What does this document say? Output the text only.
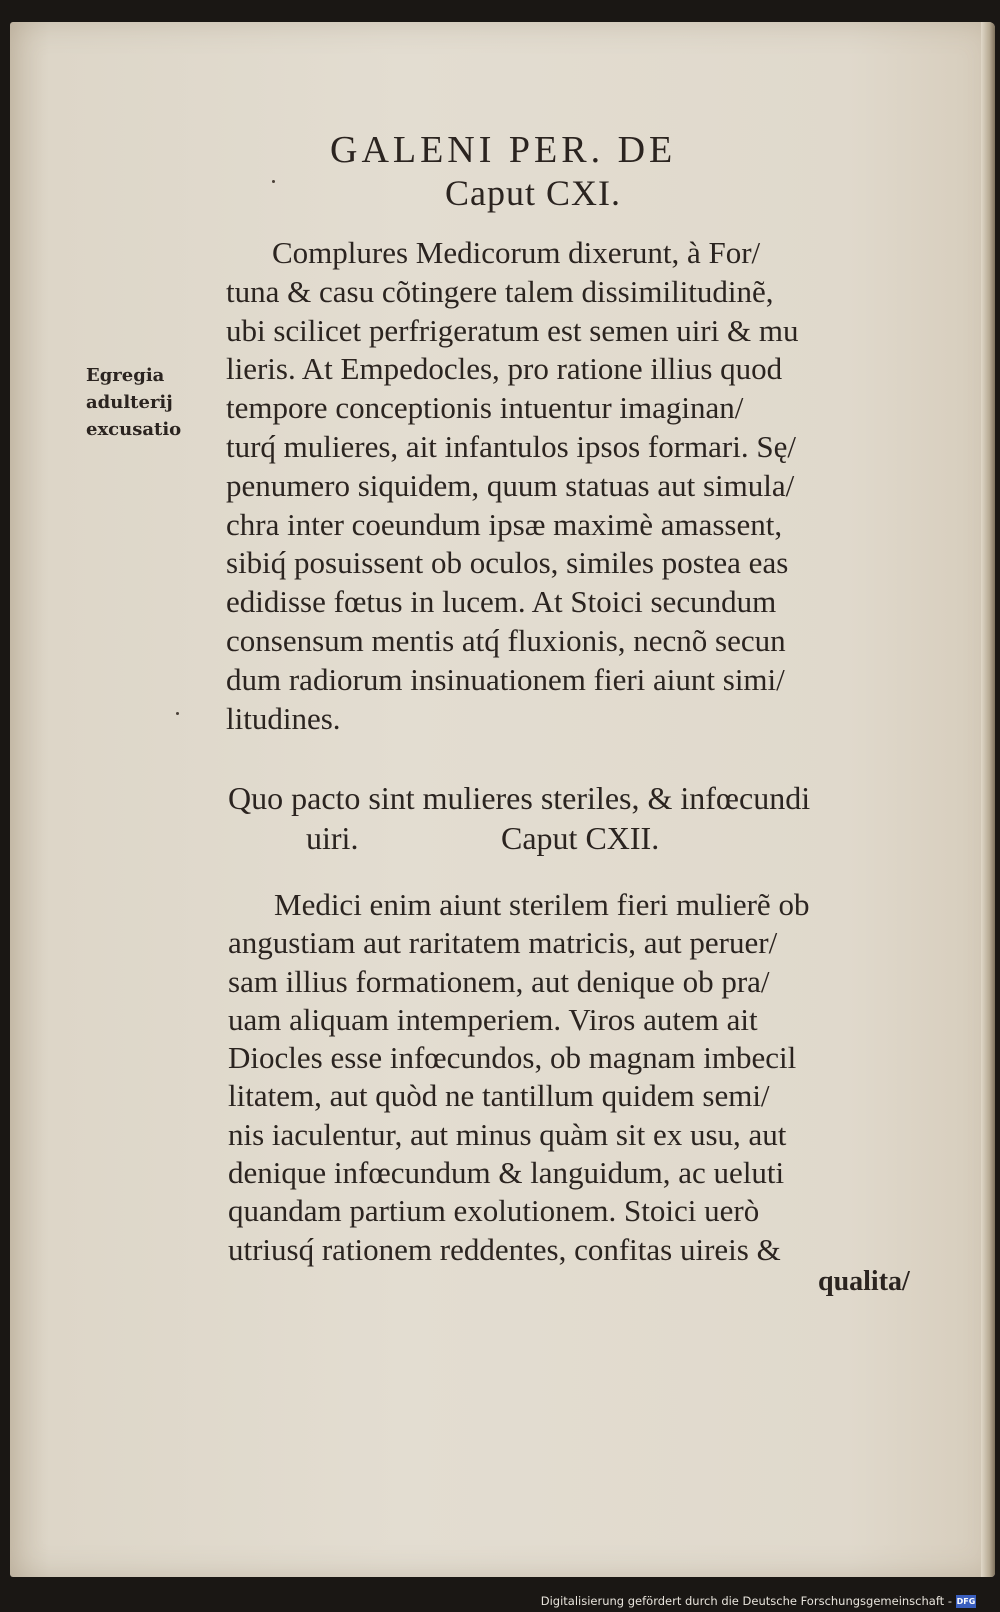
GALENI PER. DE
Caput CXI.
Complures Medicorum dixerunt, à For/
tuna & casu cõtingere talem dissimilitudinẽ,
ubi scilicet perfrigeratum est semen uiri & mu
lieris. At Empedocles, pro ratione illius quod
tempore conceptionis intuentur imaginan/
turq́ mulieres, ait infantulos ipsos formari. Sę/
penumero siquidem, quum statuas aut simula/
chra inter coeundum ipsæ maximè amassent,
sibiq́ posuissent ob oculos, similes postea eas
edidisse fœtus in lucem. At Stoici secundum
consensum mentis atq́ fluxionis, necnõ secun
dum radiorum insinuationem fieri aiunt simi/
litudines.
Egregia
adulterij
excusatio
Quo pacto sint mulieres steriles, & infœcundi
uiri.	Caput CXII.
Medici enim aiunt sterilem fieri mulierẽ ob
angustiam aut raritatem matricis, aut peruer/
sam illius formationem, aut denique ob pra/
uam aliquam intemperiem. Viros autem ait
Diocles esse infœcundos, ob magnam imbecil
litatem, aut quòd ne tantillum quidem semi/
nis iaculentur, aut minus quàm sit ex usu, aut
denique infœcundum & languidum, ac ueluti
quandam partium exolutionem. Stoici uerò
utriusq́ rationem reddentes, confitas uireis &
qualita/
Digitalisierung gefördert durch die Deutsche Forschungsgemeinschaft - DFG
